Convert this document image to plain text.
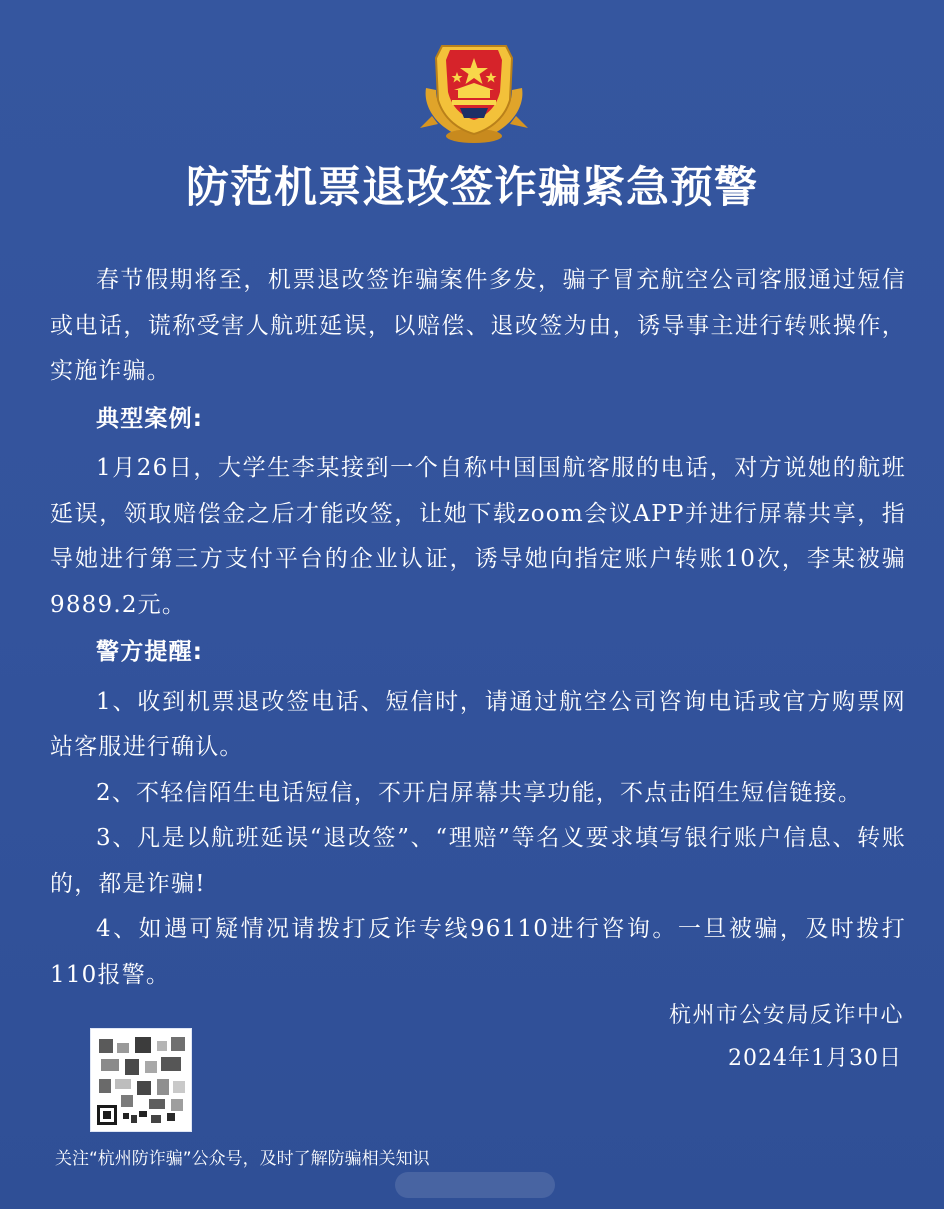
防范机票退改签诈骗紧急预警

春节假期将至，机票退改签诈骗案件多发，骗子冒充航空公司客服通过短信或电话，谎称受害人航班延误，以赔偿、退改签为由，诱导事主进行转账操作，实施诈骗。

典型案例:

1月26日，大学生李某接到一个自称中国国航客服的电话，对方说她的航班延误，领取赔偿金之后才能改签，让她下载zoom会议APP并进行屏幕共享，指导她进行第三方支付平台的企业认证，诱导她向指定账户转账10次，李某被骗9889.2元。

警方提醒:

1、收到机票退改签电话、短信时，请通过航空公司咨询电话或官方购票网站客服进行确认。

2、不轻信陌生电话短信，不开启屏幕共享功能，不点击陌生短信链接。

3、凡是以航班延误“退改签”、“理赔”等名义要求填写银行账户信息、转账的，都是诈骗!

4、如遇可疑情况请拨打反诈专线96110进行咨询。一旦被骗，及时拨打110报警。

杭州市公安局反诈中心
2024年1月30日
关注“杭州防诈骗”公众号，及时了解防骗相关知识
